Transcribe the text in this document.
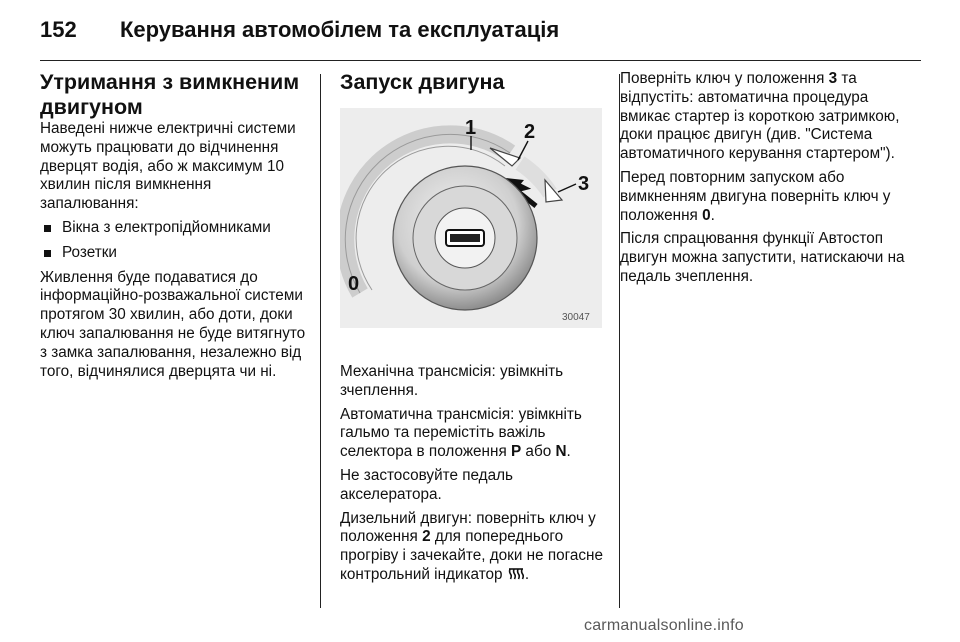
152 Керування автомобілем та експлуатація
Утримання з вимкненим двигуном

Наведені нижче електричні системи можуть працювати до відчинення дверцят водія, або ж максимум 10 хвилин після вимкнення запалювання:

Вікна з електропідйомниками
Розетки

Живлення буде подаватися до інформаційно-розважальної системи протягом 30 хвилин, або доти, доки ключ запалювання не буде витягнуто з замка запалювання, незалежно від того, відчинялися дверцята чи ні.

Запуск двигуна

Механічна трансмісія: увімкніть зчеплення.

Автоматична трансмісія: увімкніть гальмо та перемістіть важіль селектора в положення P або N.

Не застосовуйте педаль акселератора.

Дизельний двигун: поверніть ключ у положення 2 для попереднього прогріву і зачекайте, доки не погасне контрольний індикатор .

0
1 2
3
30047

Поверніть ключ у положення 3 та відпустіть: автоматична процедура вмикає стартер із короткою затримкою, доки працює двигун (див. "Система автоматичного керування стартером").

Перед повторним запуском або вимкненням двигуна поверніть ключ у положення 0.

Після спрацювання функції Автостоп двигун можна запустити, натискаючи на педаль зчеплення.

carmanualsonline.info
